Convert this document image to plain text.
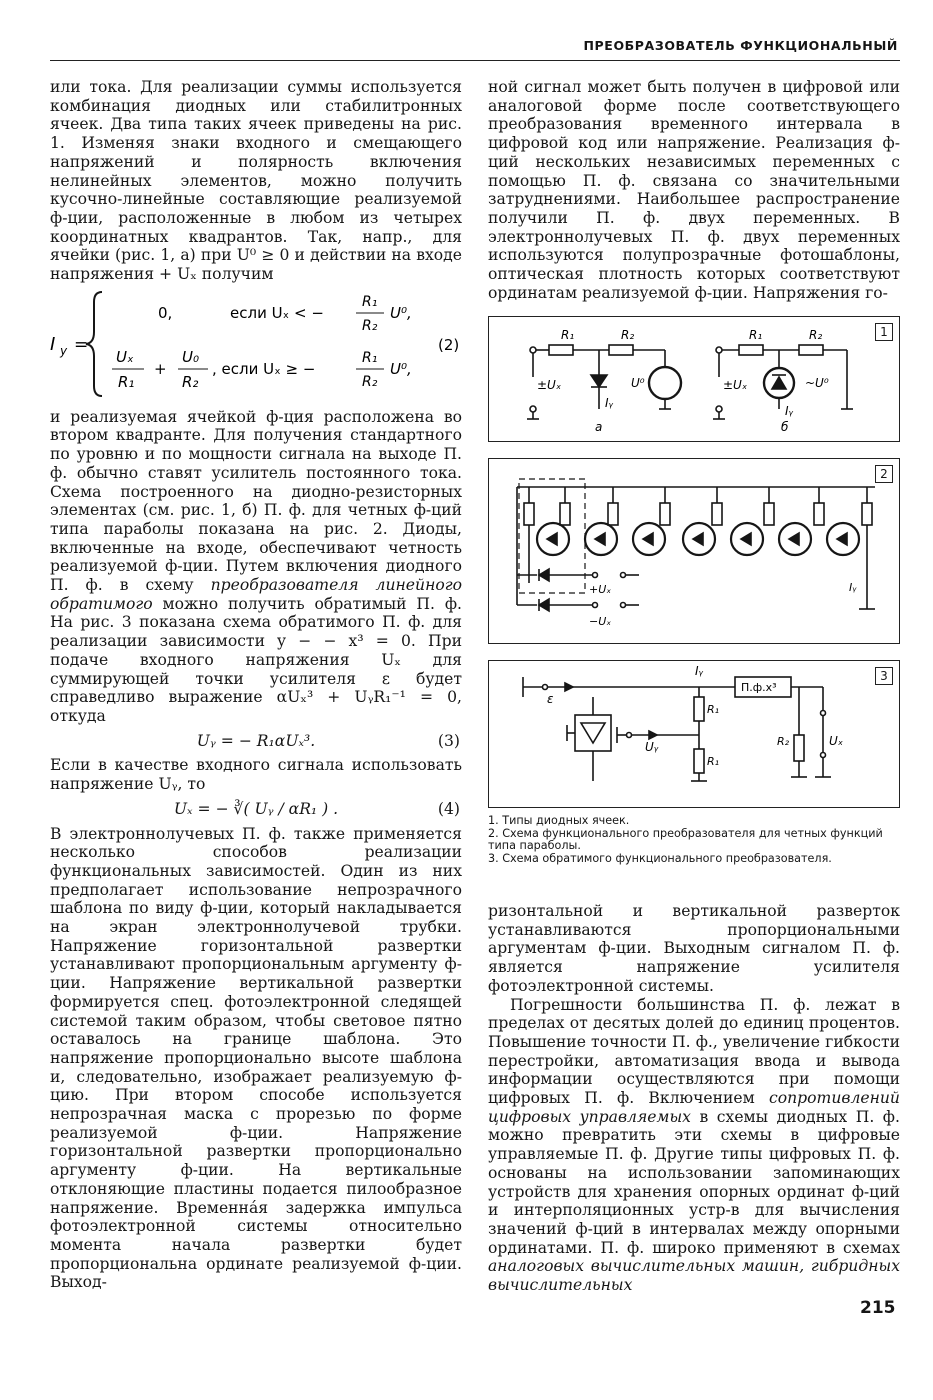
ПРЕОБРАЗОВАТЕЛЬ ФУНКЦИОНАЛЬНЫЙ

или тока. Для реализации суммы используется комбинация диодных или стабилитронных ячеек. Два типа таких ячеек приведены на рис. 1. Изменяя знаки входного и смещающего напряжений и полярность включения нелинейных элементов, можно получить кусочно-линейные составляющие реализуемой ф-ции, расположенные в любом из четырех координатных квадрантов. Так, напр., для ячейки (рис. 1, а) при U⁰ ≥ 0 и действии на входе напряжения + Uₓ получим

I y =
0,	если Uₓ < −
R₁
R₂
U⁰,
(2)
Uₓ
R₁
+
U₀
R₂
, если Uₓ ≥ −
R₁
R₂
U⁰,

и реализуемая ячейкой ф-ция расположена во втором квадранте. Для получения стандартного по уровню и по мощности сигнала на выходе П. ф. обычно ставят усилитель постоянного тока. Схема построенного на диодно-резисторных элементах (см. рис. 1, б) П. ф. для четных ф-ций типа параболы показана на рис. 2. Диоды, включенные на входе, обеспечивают четность реализуемой ф-ции. Путем включения диодного П. ф. в схему преобразователя линейного обратимого можно получить обратимый П. ф. На рис. 3 показана схема обратимого П. ф. для реализации зависимости y − − x³ = 0. При подаче входного напряжения Uₓ для суммирующей точки усилителя ε будет справедливо выражение αUₓ³ + UᵧR₁⁻¹ = 0, откуда

Uᵧ = − R₁αUₓ³.	(3)

Если в качестве входного сигнала использовать напряжение Uᵧ, то

Uₓ = − ∛( Uᵧ / αR₁ ) .	(4)

В электроннолучевых П. ф. также применяется несколько способов реализации функциональных зависимостей. Один из них предполагает использование непрозрачного шаблона по виду ф-ции, который накладывается на экран электроннолучевой трубки. Напряжение горизонтальной развертки устанавливают пропорциональным аргументу ф-ции. Напряжение вертикальной развертки формируется спец. фотоэлектронной следящей системой таким образом, чтобы световое пятно оставалось на границе шаблона. Это напряжение пропорционально высоте шаблона и, следовательно, изображает реализуемую ф-цию. При втором способе используется непрозрачная маска с прорезью по форме реализуемой ф-ции. Напряжение горизонтальной развертки пропорционально аргументу ф-ции. На вертикальные отклоняющие пластины подается пилообразное напряжение. Временна́я задержка импульса фотоэлектронной системы относительно момента начала развертки будет пропорциональна ординате реализуемой ф-ции. Выход-

ной сигнал может быть получен в цифровой или аналоговой форме после соответствующего преобразования временного интервала в цифровой код или напряжение. Реализация ф-ций нескольких независимых переменных с помощью П. ф. связана со значительными затруднениями. Наибольшее распространение получили П. ф. двух переменных. В электроннолучевых П. ф. двух переменных используются полупрозрачные фотошаблоны, оптическая плотность которых соответствуют ординатам реализуемой ф-ции. Напряжения го-

1
R₁	R₂	R₁	R₂
±Uₓ	±Uₓ
Iᵧ
Iᵧ
U⁰	~U⁰
а	б
2
+Uₓ
−Uₓ
Iᵧ
3
Iᵧ
П.ф.x³
ε
R₁
R₁
R₂	Uₓ
Uᵧ

1. Типы диодных ячеек.

2. Схема функционального преобразователя для четных функций типа параболы.

3. Схема обратимого функционального преобразователя.

ризонтальной и вертикальной разверток устанавливаются пропорциональными аргументам ф-ции. Выходным сигналом П. ф. является напряжение усилителя фотоэлектронной системы.

Погрешности большинства П. ф. лежат в пределах от десятых долей до единиц процентов. Повышение точности П. ф., увеличение гибкости перестройки, автоматизация ввода и вывода информации осуществляются при помощи цифровых П. ф. Включением сопротивлений цифровых управляемых в схемы диодных П. ф. можно превратить эти схемы в цифровые управляемые П. ф. Другие типы цифровых П. ф. основаны на использовании запоминающих устройств для хранения опорных ординат ф-ций и интерполяционных устр-в для вычисления значений ф-ций в интервалах между опорными ординатами. П. ф. широко применяют в схемах аналоговых вычислительных машин, гибридных вычислительных

215
